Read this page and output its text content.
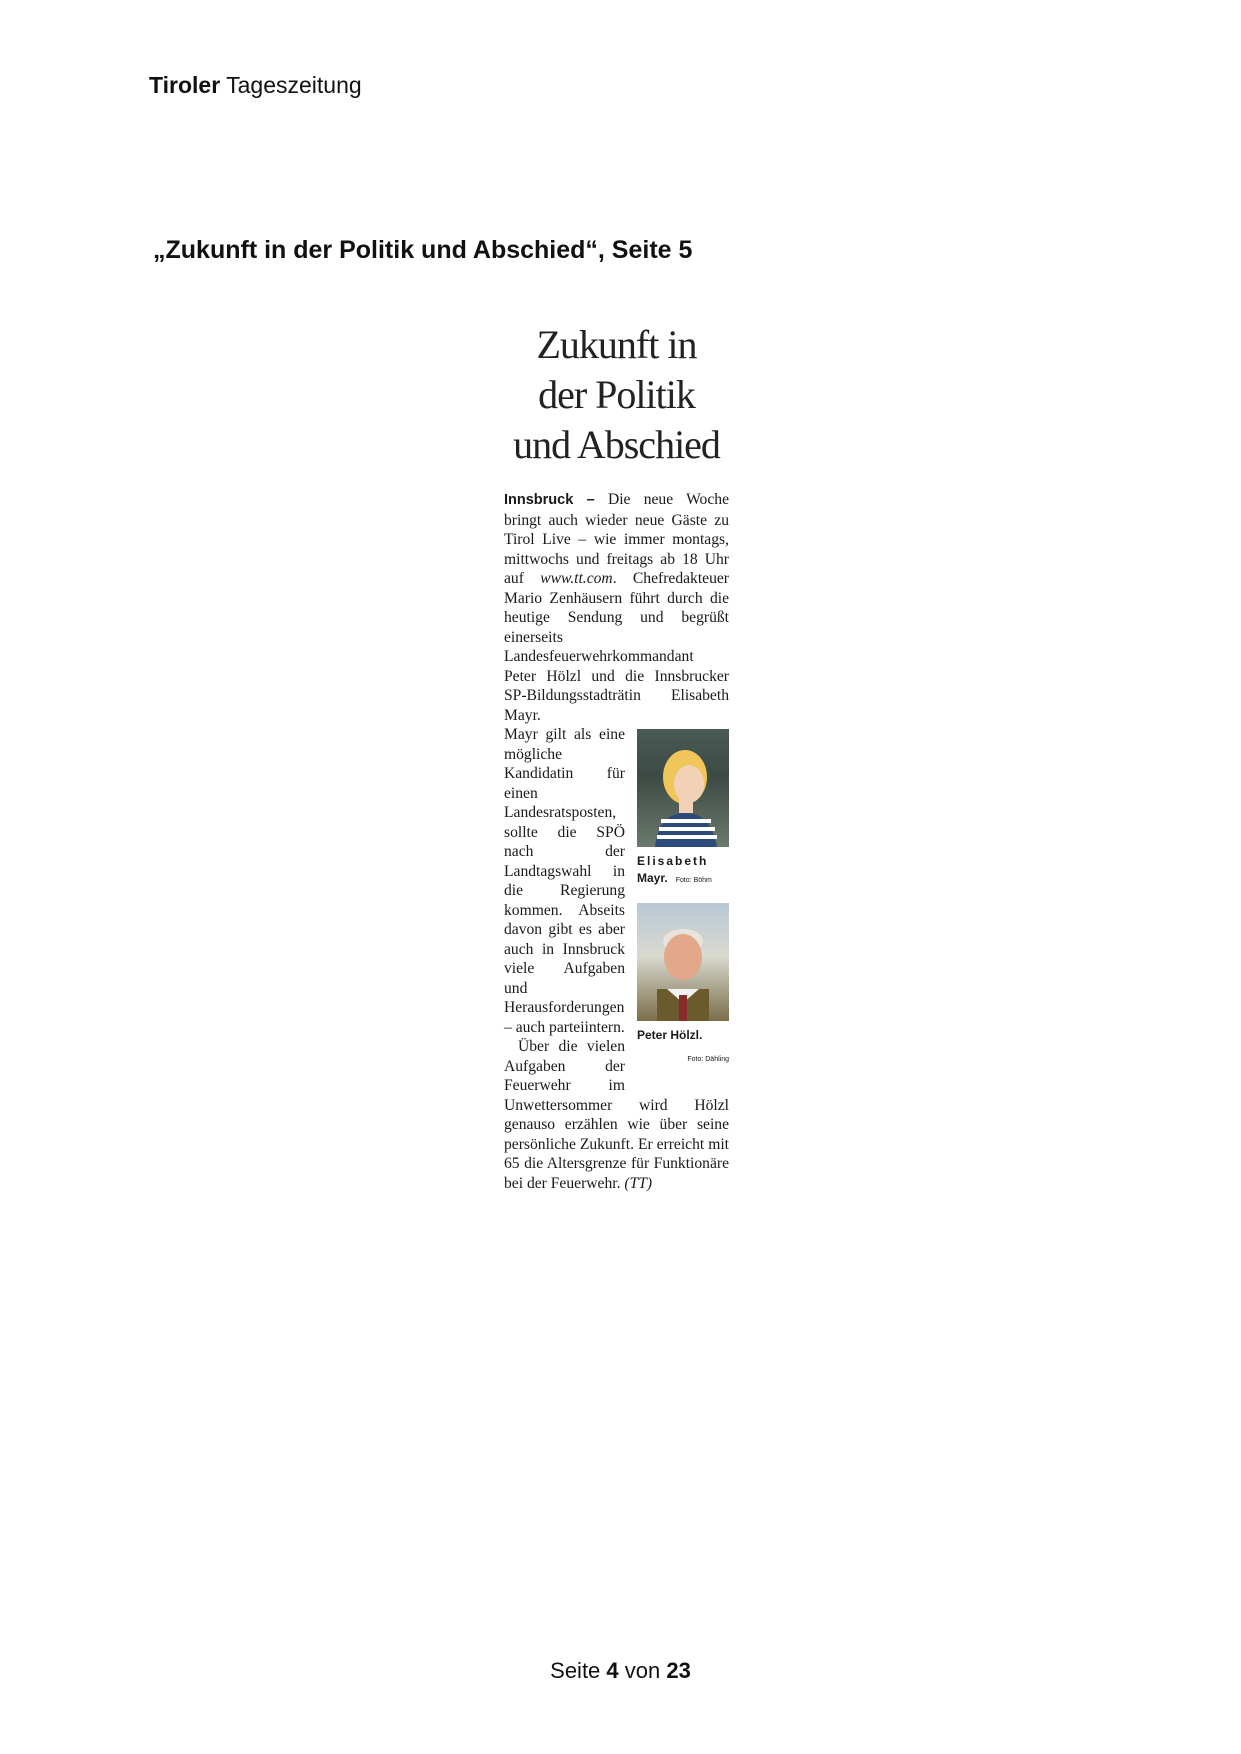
Tiroler Tageszeitung
„Zukunft in der Politik und Abschied“, Seite 5
Zukunft in
der Politik
und Abschied

Innsbruck – Die neue Woche bringt auch wieder neue Gäste zu Tirol Live – wie immer montags, mittwochs und freitags ab 18 Uhr auf www.tt.com. Chefredakteuer Mario Zenhäusern führt durch die heutige Sendung und begrüßt einerseits Landesfeuerwehrkommandant Peter Hölzl und die Innsbrucker SP-Bildungsstadträtin Elisabeth Mayr.

Elisabeth
Mayr. Foto: Böhm
Peter Hölzl.
Foto: Dähling

Mayr gilt als eine mögliche Kandidatin für einen Landesratsposten, sollte die SPÖ nach der Landtagswahl in die Regierung kommen. Abseits davon gibt es aber auch in Innsbruck viele Aufgaben und Herausforderungen – auch parteiintern.

Über die vielen Aufgaben der Feuerwehr im Unwettersommer wird Hölzl genauso erzählen wie über seine persönliche Zukunft. Er erreicht mit 65 die Altersgrenze für Funktionäre bei der Feuerwehr. (TT)

Seite 4 von 23
